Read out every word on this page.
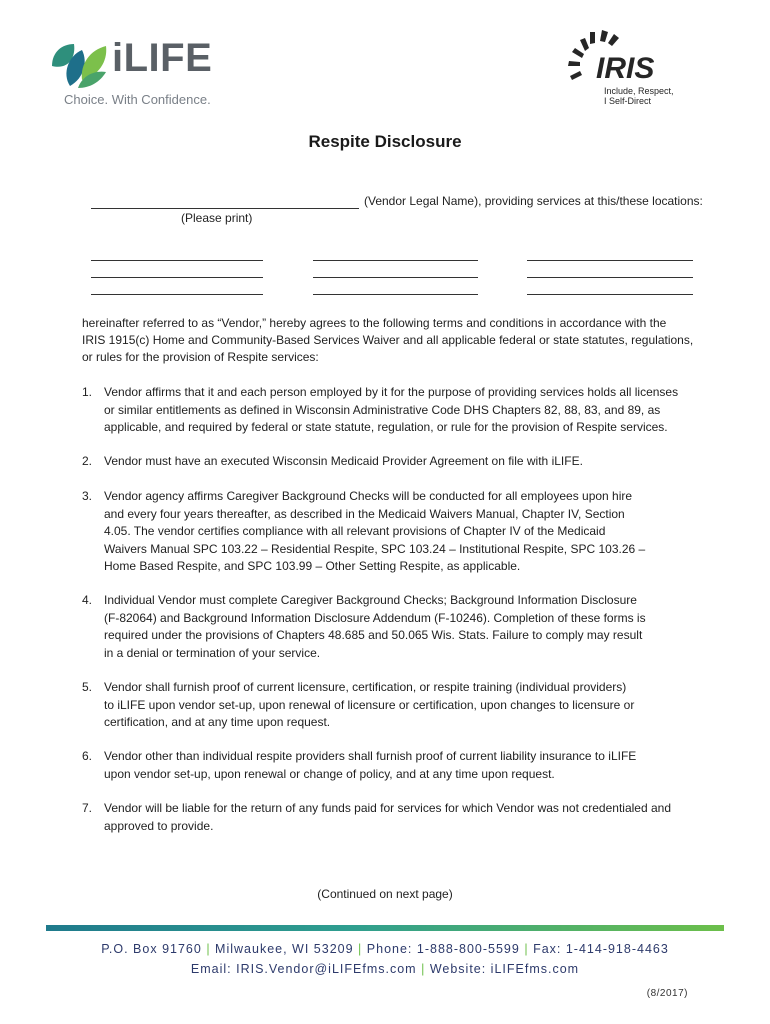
iLIFE
Choice. With Confidence.
IRIS
Include, Respect,
I Self-Direct
Respite Disclosure
(Vendor Legal Name), providing services at this/these locations:
(Please print)
hereinafter referred to as “Vendor,” hereby agrees to the following terms and conditions in accordance with the
IRIS 1915(c) Home and Community-Based Services Waiver and all applicable federal or state statutes, regulations,
or rules for the provision of Respite services:
1. Vendor affirms that it and each person employed by it for the purpose of providing services holds all licenses
or similar entitlements as defined in Wisconsin Administrative Code DHS Chapters 82, 88, 83, and 89, as
applicable, and required by federal or state statute, regulation, or rule for the provision of Respite services.
2. Vendor must have an executed Wisconsin Medicaid Provider Agreement on file with iLIFE.
3. Vendor agency affirms Caregiver Background Checks will be conducted for all employees upon hire
and every four years thereafter, as described in the Medicaid Waivers Manual, Chapter IV, Section
4.05. The vendor certifies compliance with all relevant provisions of Chapter IV of the Medicaid
Waivers Manual SPC 103.22 – Residential Respite, SPC 103.24 – Institutional Respite, SPC 103.26 –
Home Based Respite, and SPC 103.99 – Other Setting Respite, as applicable.
4. Individual Vendor must complete Caregiver Background Checks; Background Information Disclosure
(F-82064) and Background Information Disclosure Addendum (F-10246). Completion of these forms is
required under the provisions of Chapters 48.685 and 50.065 Wis. Stats. Failure to comply may result
in a denial or termination of your service.
5. Vendor shall furnish proof of current licensure, certification, or respite training (individual providers)
to iLIFE upon vendor set-up, upon renewal of licensure or certification, upon changes to licensure or
certification, and at any time upon request.
6. Vendor other than individual respite providers shall furnish proof of current liability insurance to iLIFE
upon vendor set-up, upon renewal or change of policy, and at any time upon request.
7. Vendor will be liable for the return of any funds paid for services for which Vendor was not credentialed and
approved to provide.
(Continued on next page)
P.O. Box 91760 | Milwaukee, WI 53209 | Phone: 1-888-800-5599 | Fax: 1-414-918-4463
Email: IRIS.Vendor@iLIFEfms.com | Website: iLIFEfms.com
(8/2017)
